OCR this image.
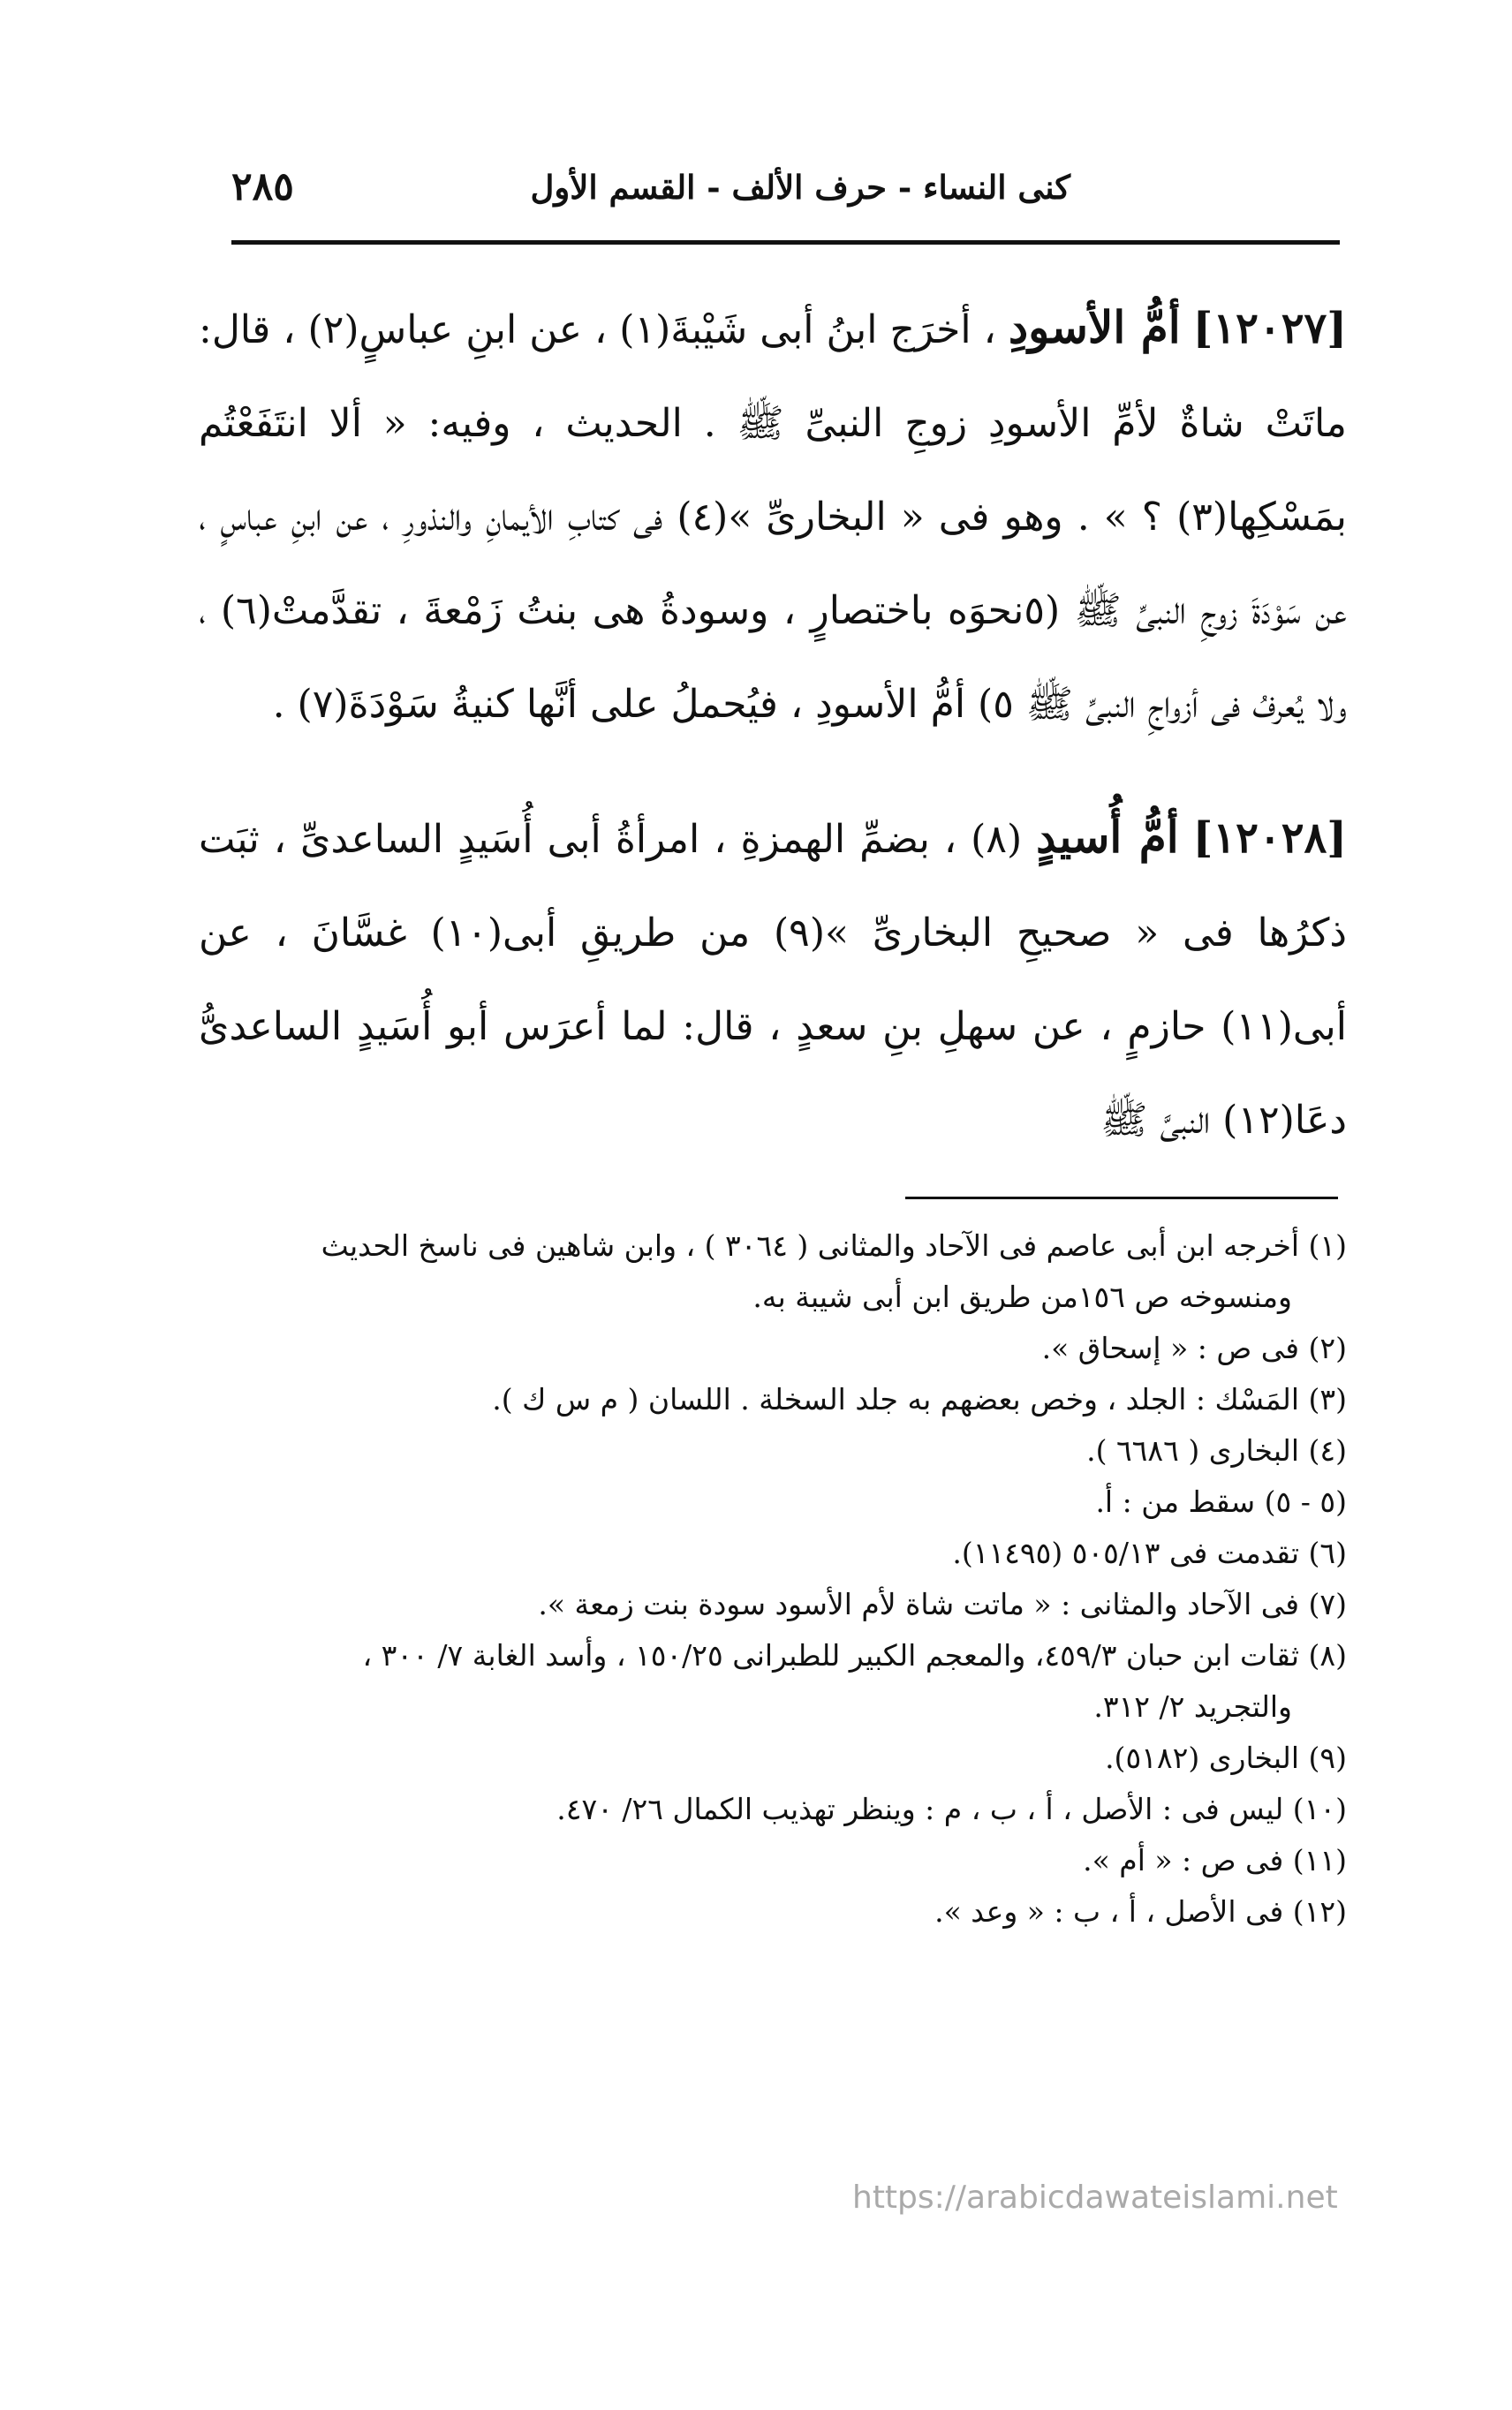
كنى النساء - حرف الألف - القسم الأول
٢٨٥

[١٢٠٢٧] أمُّ الأسودِ ، أخرَج ابنُ أبى شَيْبةَ(١) ، عن ابنِ عباسٍ(٢) ، قال: ماتَتْ شاةٌ لأمِّ الأسودِ زوجِ النبىِّ ﷺ . الحديث ، وفيه: « ألا انتَفَعْتُم بمَسْكِها(٣) ؟ » . وهو فى « البخارىِّ »(٤) فى كتابِ الأيمانِ والنذورِ ، عن ابنِ عباسٍ ، عن سَوْدَةَ زوجِ النبىِّ ﷺ (٥نحوَه باختصارٍ ، وسودةُ هى بنتُ زَمْعةَ ، تقدَّمتْ(٦) ، ولا يُعرفُ فى أزواجِ النبىِّ ﷺ ٥) أمُّ الأسودِ ، فيُحملُ على أنَّها كنيةُ سَوْدَةَ(٧) .

[١٢٠٢٨] أمُّ أُسيدٍ (٨) ، بضمِّ الهمزةِ ، امرأةُ أبى أُسَيدٍ الساعدىِّ ، ثبَت ذكرُها فى « صحيحِ البخارىِّ »(٩) من طريقِ أبى(١٠) غسَّانَ ، عن أبى(١١) حازمٍ ، عن سهلِ بنِ سعدٍ ، قال: لما أعرَس أبو أُسَيدٍ الساعدىُّ دعَا(١٢) النبىَّ ﷺ

(١) أخرجه ابن أبى عاصم فى الآحاد والمثانى ( ٣٠٦٤ ) ، وابن شاهين فى ناسخ الحديث
ومنسوخه ص ١٥٦من طريق ابن أبى شيبة به.
(٢) فى ص : « إسحاق ».
(٣) المَسْك : الجلد ، وخص بعضهم به جلد السخلة . اللسان ( م س ك ).
(٤) البخارى ( ٦٦٨٦ ).
(٥ - ٥) سقط من : أ.
(٦) تقدمت فى ٥٠٥/١٣ (١١٤٩٥).
(٧) فى الآحاد والمثانى : « ماتت شاة لأم الأسود سودة بنت زمعة ».
(٨) ثقات ابن حبان ٤٥٩/٣، والمعجم الكبير للطبرانى ١٥٠/٢٥ ، وأسد الغابة ٧/ ٣٠٠ ،
والتجريد ٢/ ٣١٢.
(٩) البخارى (٥١٨٢).
(١٠) ليس فى : الأصل ، أ ، ب ، م : وينظر تهذيب الكمال ٢٦/ ٤٧٠.
(١١) فى ص : « أم ».
(١٢) فى الأصل ، أ ، ب : « وعد ».
https://arabicdawateislami.net
